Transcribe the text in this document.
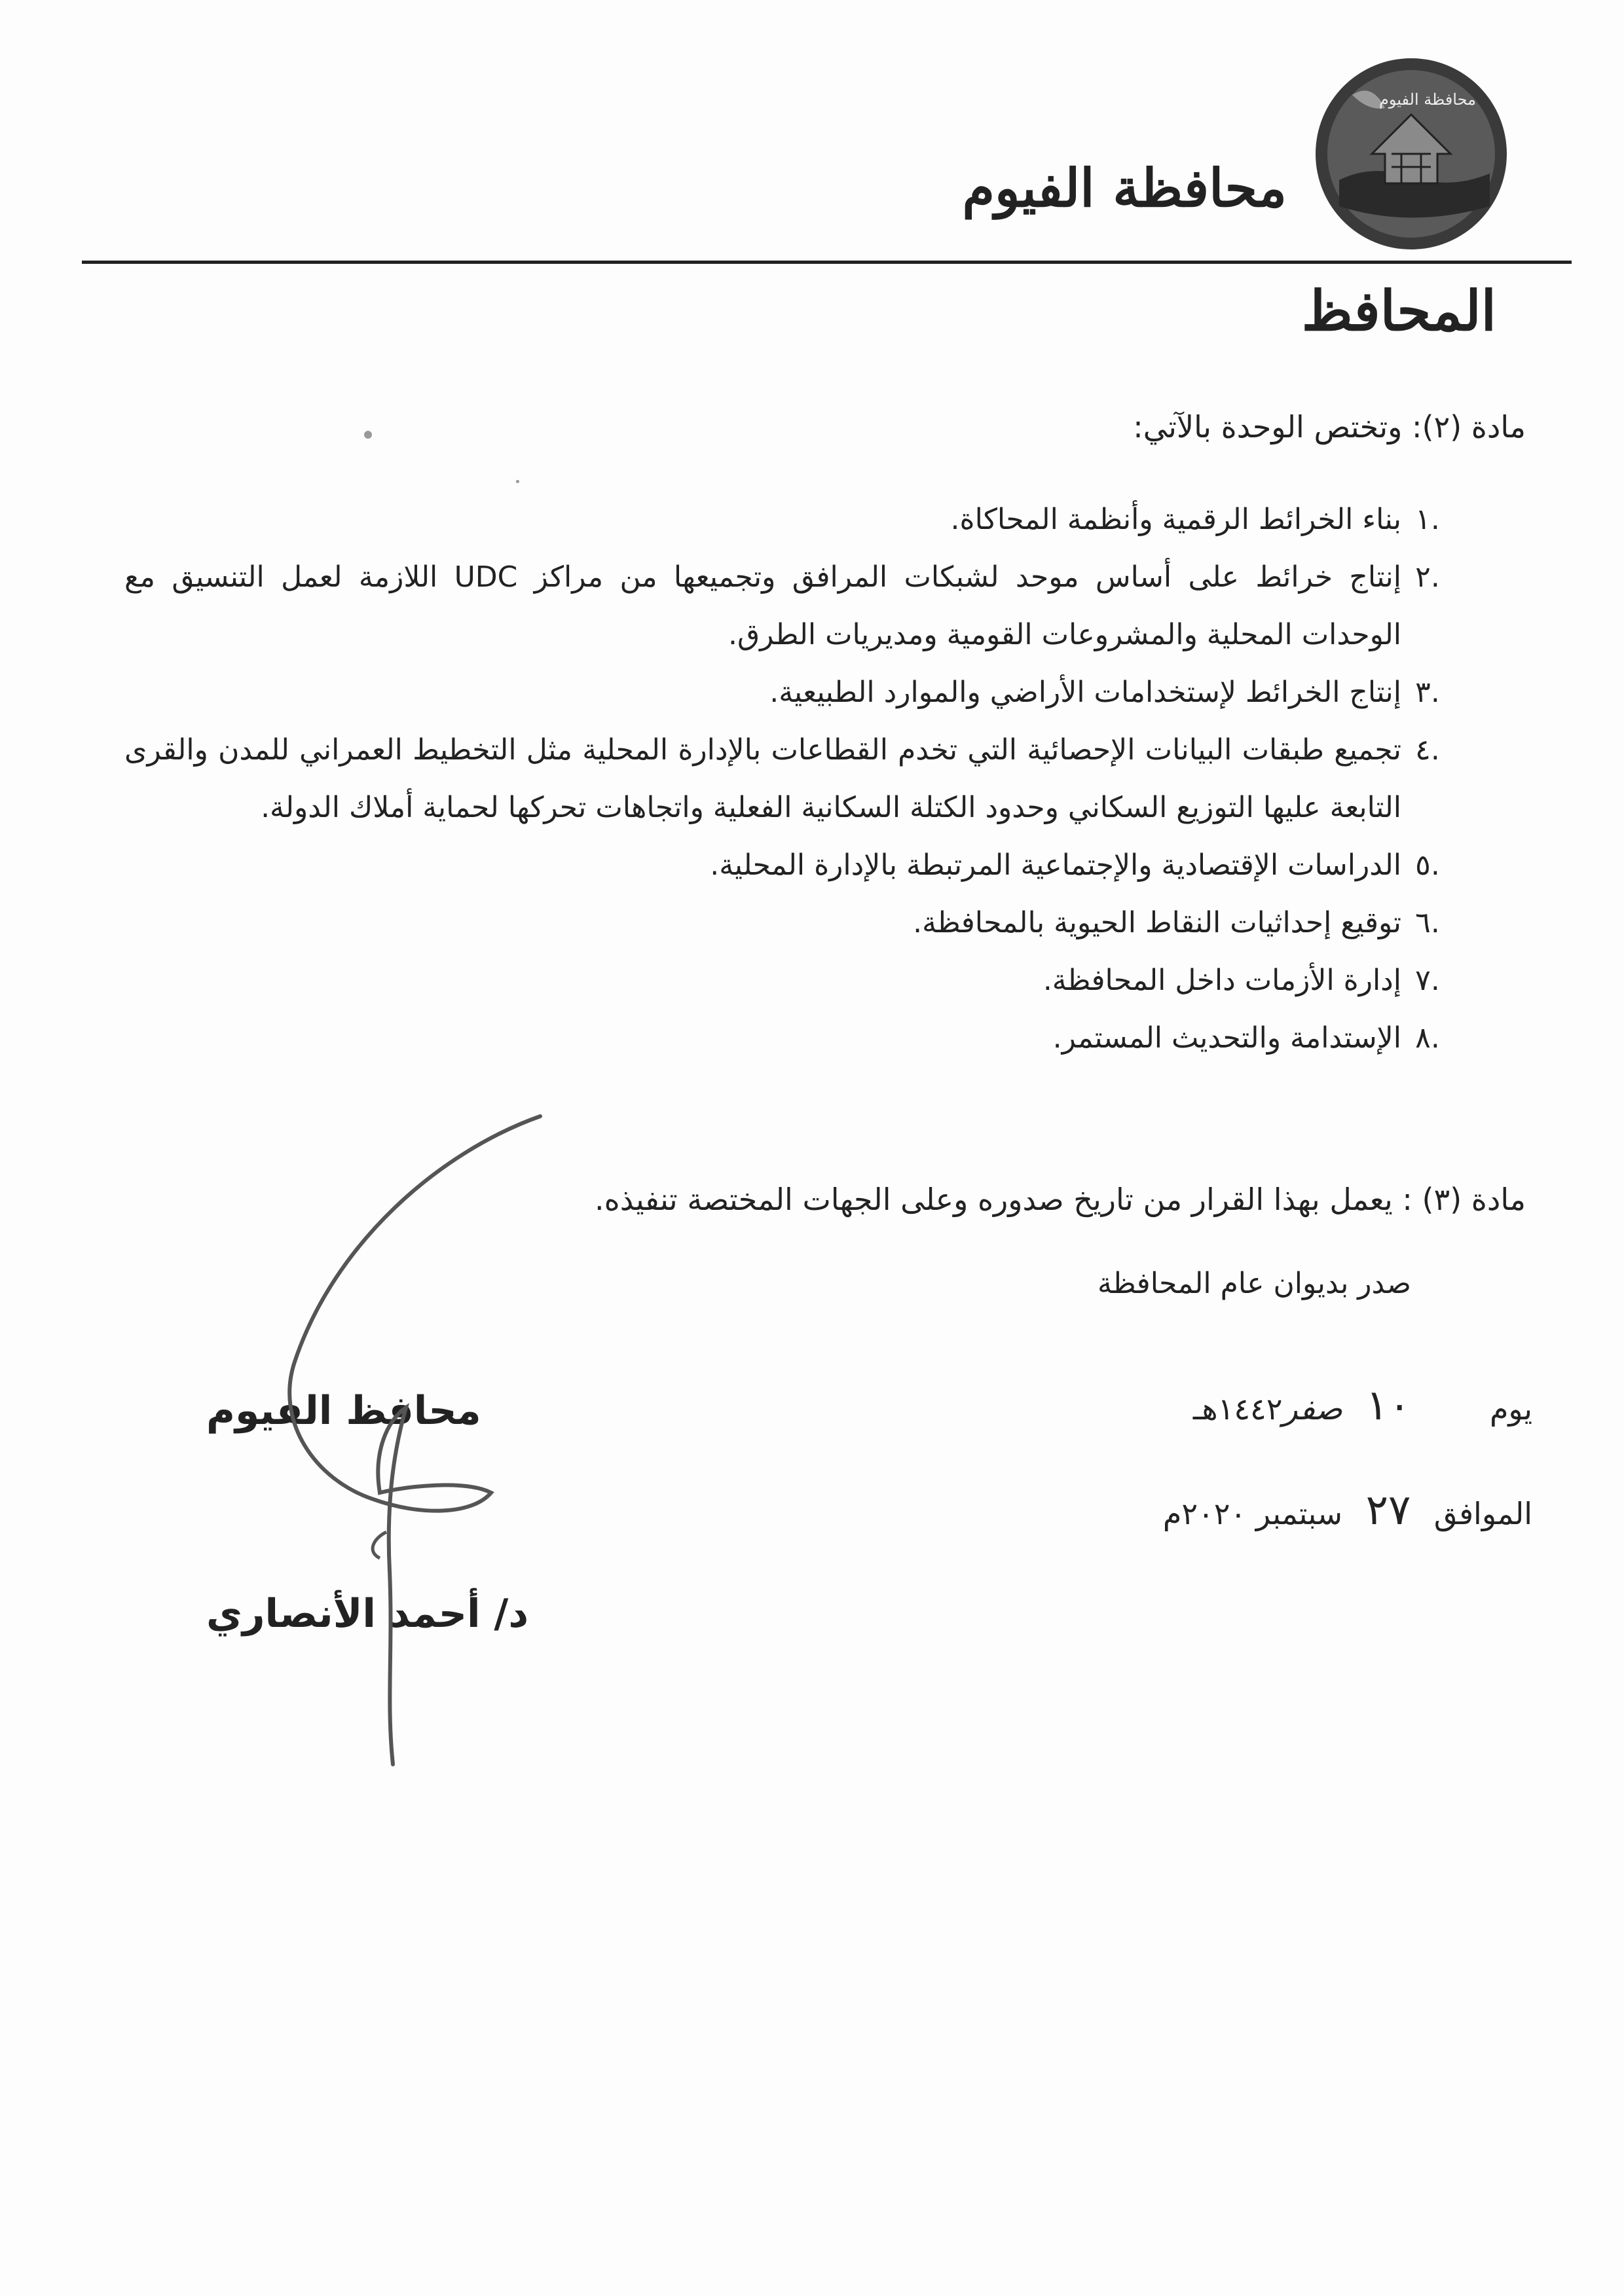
محافظة الفيوم
محافظة الفيوم
المحافظ
مادة (٢): وتختص الوحدة بالآتي:
.١
بناء الخرائط الرقمية وأنظمة المحاكاة.
.٢
إنتاج خرائط على أساس موحد لشبكات المرافق وتجميعها من مراكز UDC اللازمة لعمل التنسيق مع الوحدات المحلية والمشروعات القومية ومديريات الطرق.
.٣
إنتاج الخرائط لإستخدامات الأراضي والموارد الطبيعية.
.٤
تجميع طبقات البيانات الإحصائية التي تخدم القطاعات بالإدارة المحلية مثل التخطيط العمراني للمدن والقرى التابعة عليها التوزيع السكاني وحدود الكتلة السكانية الفعلية واتجاهات تحركها لحماية أملاك الدولة.
.٥
الدراسات الإقتصادية والإجتماعية المرتبطة بالإدارة المحلية.
.٦
توقيع إحداثيات النقاط الحيوية بالمحافظة.
.٧
إدارة الأزمات داخل المحافظة.
.٨
الإستدامة والتحديث المستمر.
مادة (٣) : يعمل بهذا القرار من تاريخ صدوره وعلى الجهات المختصة تنفيذه.
صدر بديوان عام المحافظة
يوم
١٠
صفر
١٤٤٢هـ
الموافق
٢٧
سبتمبر ٢٠٢٠م
محافظ الفيوم
د/ أحمد الأنصاري
